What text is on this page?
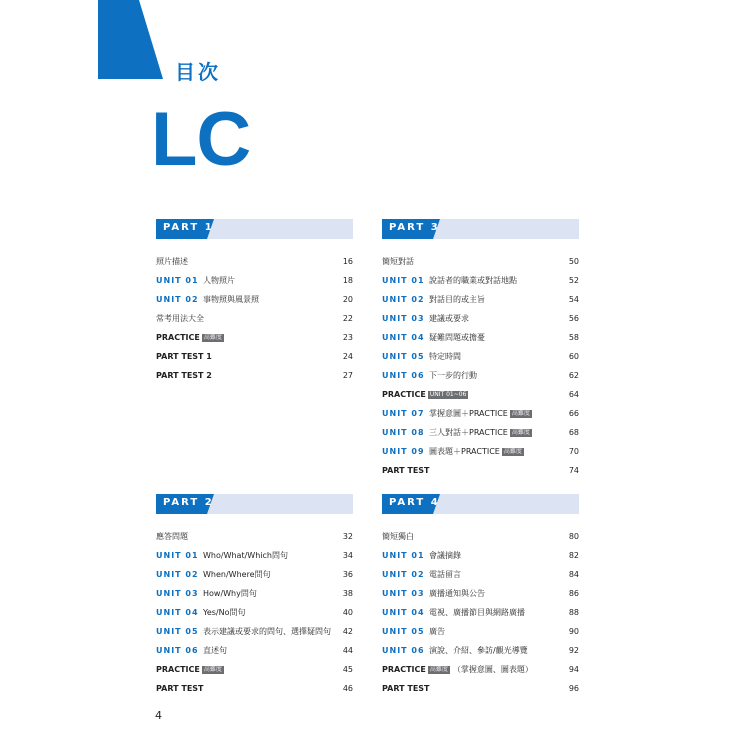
目次
LC
PART 1
照片描述	16
UNIT 01 人物照片	18
UNIT 02 事物照與風景照	20
常考用法大全	22
PRACTICE 高難度	23
PART TEST 1	24
PART TEST 2	27
PART 2
應答問題	32
UNIT 01 Who/What/Which問句	34
UNIT 02 When/Where問句	36
UNIT 03 How/Why問句	38
UNIT 04 Yes/No問句	40
UNIT 05 表示建議或要求的問句、選擇疑問句 42
UNIT 06 直述句	44
PRACTICE 高難度	45
PART TEST	46
PART 3
簡短對話	50
UNIT 01 說話者的職業或對話地點	52
UNIT 02 對話目的或主旨	54
UNIT 03 建議或要求	56
UNIT 04 疑難問題或擔憂	58
UNIT 05 特定時間	60
UNIT 06 下一步的行動	62
PRACTICE UNIT 01~06	64
UNIT 07 掌握意圖＋PRACTICE 高難度	66
UNIT 08 三人對話＋PRACTICE 高難度	68
UNIT 09 圖表題＋PRACTICE 高難度	70
PART TEST	74
PART 4
簡短獨白	80
UNIT 01 會議摘錄	82
UNIT 02 電話留言	84
UNIT 03 廣播通知與公告	86
UNIT 04 電視、廣播節目與網路廣播	88
UNIT 05 廣告	90
UNIT 06 演說、介紹、參訪/觀光導覽	92
PRACTICE 高難度 （掌握意圖、圖表題）	94
PART TEST	96
4
